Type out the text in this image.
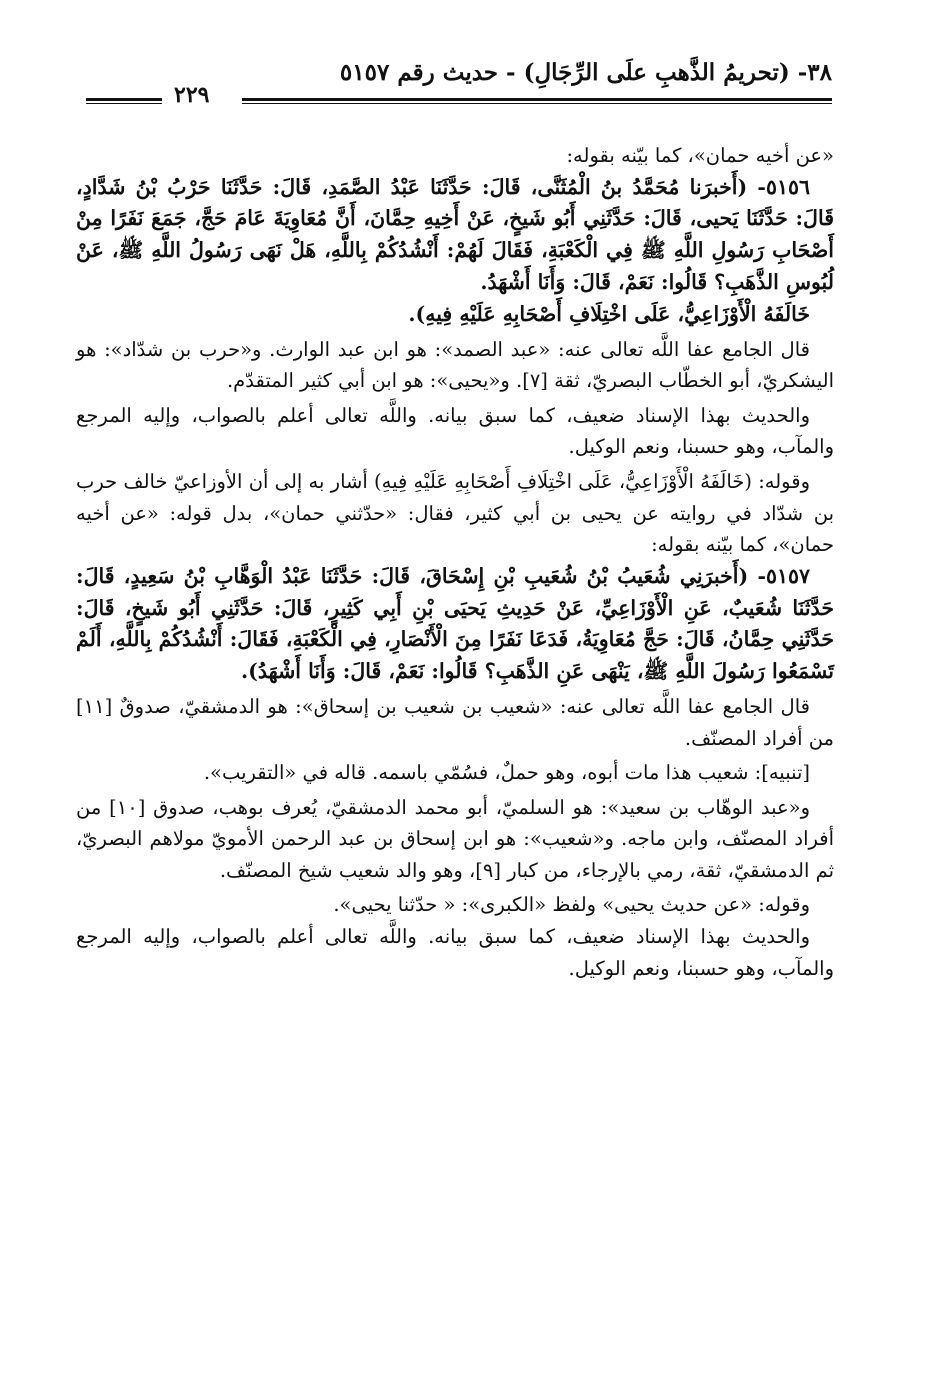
٣٨- (تحريمُ الذَّهبِ علَى الرِّجَالِ) - حديث رقم ٥١٥٧
٢٢٩

«عن أخيه حمان»، كما بيّنه بقوله:

٥١٥٦- (أَخبرَنا مُحَمَّدُ بنُ الْمُثَنَّى، قَالَ: حَدَّثَنَا عَبْدُ الصَّمَدِ، قَالَ: حَدَّثَنَا حَرْبُ بْنُ شَدَّادٍ، قَالَ: حَدَّثَنَا يَحيى، قَالَ: حَدَّثَنِي أَبُو شَيخٍ، عَنْ أَخِيهِ حِمَّانَ، أَنَّ مُعَاوِيَةَ عَامَ حَجَّ، جَمَعَ نَفَرًا مِنْ أَصْحَابِ رَسُولِ اللَّهِ ﷺ فِي الْكَعْبَةِ، فَقَالَ لَهُمْ: أَنْشُدُكُمْ بِاللَّهِ، هَلْ نَهَى رَسُولُ اللَّهِ ﷺ، عَنْ لُبُوسِ الذَّهَبِ؟ قَالُوا: نَعَمْ، قَالَ: وَأَنَا أَشْهَدُ.

خَالَفَهُ الْأَوْزَاعِيُّ، عَلَى اخْتِلَافِ أَصْحَابِهِ عَلَيْهِ فِيهِ).

قال الجامع عفا اللَّه تعالى عنه: «عبد الصمد»: هو ابن عبد الوارث. و«حرب بن شدّاد»: هو اليشكريّ، أبو الخطّاب البصريّ، ثقة [٧]. و«يحيى»: هو ابن أبي كثير المتقدّم.

والحديث بهذا الإسناد ضعيف، كما سبق بيانه. واللَّه تعالى أعلم بالصواب، وإليه المرجع والمآب، وهو حسبنا، ونعم الوكيل.

وقوله: (خَالَفَهُ الْأَوْزَاعِيُّ، عَلَى اخْتِلَافِ أَصْحَابِهِ عَلَيْهِ فِيهِ) أشار به إلى أن الأوزاعيّ خالف حرب بن شدّاد في روايته عن يحيى بن أبي كثير، فقال: «حدّثني حمان»، بدل قوله: «عن أخيه حمان»، كما بيّنه بقوله:

٥١٥٧- (أَخبرَنِي شُعَيبُ بْنُ شُعَيبِ بْنِ إِسْحَاقَ، قَالَ: حَدَّثَنَا عَبْدُ الْوَهَّابِ بْنُ سَعِيدٍ، قَالَ: حَدَّثَنَا شُعَيبٌ، عَنِ الْأَوْزَاعِيِّ، عَنْ حَدِيثِ يَحيَى بْنِ أَبِي كَثِيرٍ، قَالَ: حَدَّثَنِي أَبُو شَيخٍ، قَالَ: حَدَّثَنِي حِمَّانُ، قَالَ: حَجَّ مُعَاوِيَةُ، فَدَعَا نَفَرًا مِنَ الْأَنْصَارِ، فِي الْكَعْبَةِ، فَقَالَ: أَنْشُدُكُمْ بِاللَّهِ، أَلَمْ تَسْمَعُوا رَسُولَ اللَّهِ ﷺ، يَنْهَى عَنِ الذَّهَبِ؟ قَالُوا: نَعَمْ، قَالَ: وَأَنَا أَشْهَدُ).

قال الجامع عفا اللَّه تعالى عنه: «شعيب بن شعيب بن إسحاق»: هو الدمشقيّ، صدوقٌ [١١] من أفراد المصنّف.

[تنبيه]: شعيب هذا مات أبوه، وهو حملٌ، فسُمّي باسمه. قاله في «التقريب».

و«عبد الوهّاب بن سعيد»: هو السلميّ، أبو محمد الدمشقيّ، يُعرف بوهب، صدوق [١٠] من أفراد المصنّف، وابن ماجه. و«شعيب»: هو ابن إسحاق بن عبد الرحمن الأمويّ مولاهم البصريّ، ثم الدمشقيّ، ثقة، رمي بالإرجاء، من كبار [٩]، وهو والد شعيب شيخ المصنّف.

وقوله: «عن حديث يحيى» ولفظ «الكبرى»: « حدّثنا يحيى».

والحديث بهذا الإسناد ضعيف، كما سبق بيانه. واللَّه تعالى أعلم بالصواب، وإليه المرجع والمآب، وهو حسبنا، ونعم الوكيل.
